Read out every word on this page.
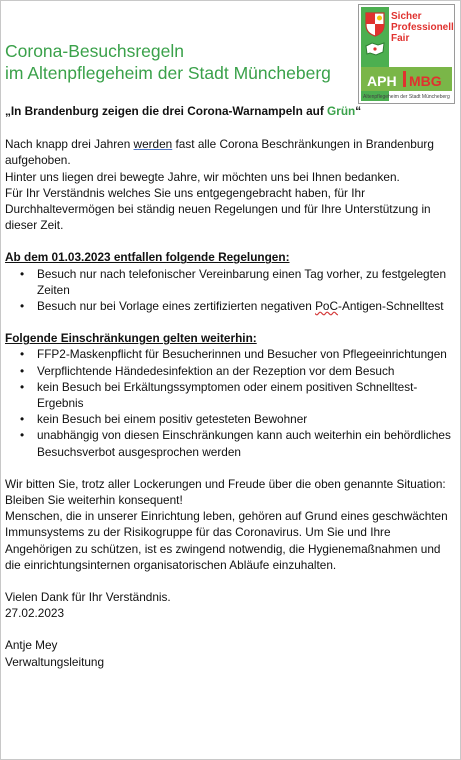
Corona-Besuchsregeln
im Altenpflegeheim der Stadt Müncheberg
Sicher
Professionell
Fair
APH MBG
Altenpflegeheim der Stadt Müncheberg

„In Brandenburg zeigen die drei Corona-Warnampeln auf Grün“

Nach knapp drei Jahren werden fast alle Corona Beschränkungen in Brandenburg aufgehoben.

Hinter uns liegen drei bewegte Jahre, wir möchten uns bei Ihnen bedanken.

Für Ihr Verständnis welches Sie uns entgegengebracht haben, für Ihr Durchhaltevermögen bei ständig neuen Regelungen und für Ihre Unterstützung in dieser Zeit.

Ab dem 01.03.2023 entfallen folgende Regelungen:

• Besuch nur nach telefonischer Vereinbarung einen Tag vorher, zu festgelegten Zeiten
• Besuch nur bei Vorlage eines zertifizierten negativen PoC-Antigen-Schnelltest

Folgende Einschränkungen gelten weiterhin:

• FFP2-Maskenpflicht für Besucherinnen und Besucher von Pflegeeinrichtungen
• Verpflichtende Händedesinfektion an der Rezeption vor dem Besuch
• kein Besuch bei Erkältungssymptomen oder einem positiven Schnelltest-Ergebnis
• kein Besuch bei einem positiv getesteten Bewohner
• unabhängig von diesen Einschränkungen kann auch weiterhin ein behördliches Besuchsverbot ausgesprochen werden

Wir bitten Sie, trotz aller Lockerungen und Freude über die oben genannte Situation: Bleiben Sie weiterhin konsequent!

Menschen, die in unserer Einrichtung leben, gehören auf Grund eines geschwächten Immunsystems zu der Risikogruppe für das Coronavirus. Um Sie und Ihre Angehörigen zu schützen, ist es zwingend notwendig, die Hygienemaßnahmen und die einrichtungsinternen organisatorischen Abläufe einzuhalten.

Vielen Dank für Ihr Verständnis.

27.02.2023

Antje Mey

Verwaltungsleitung
